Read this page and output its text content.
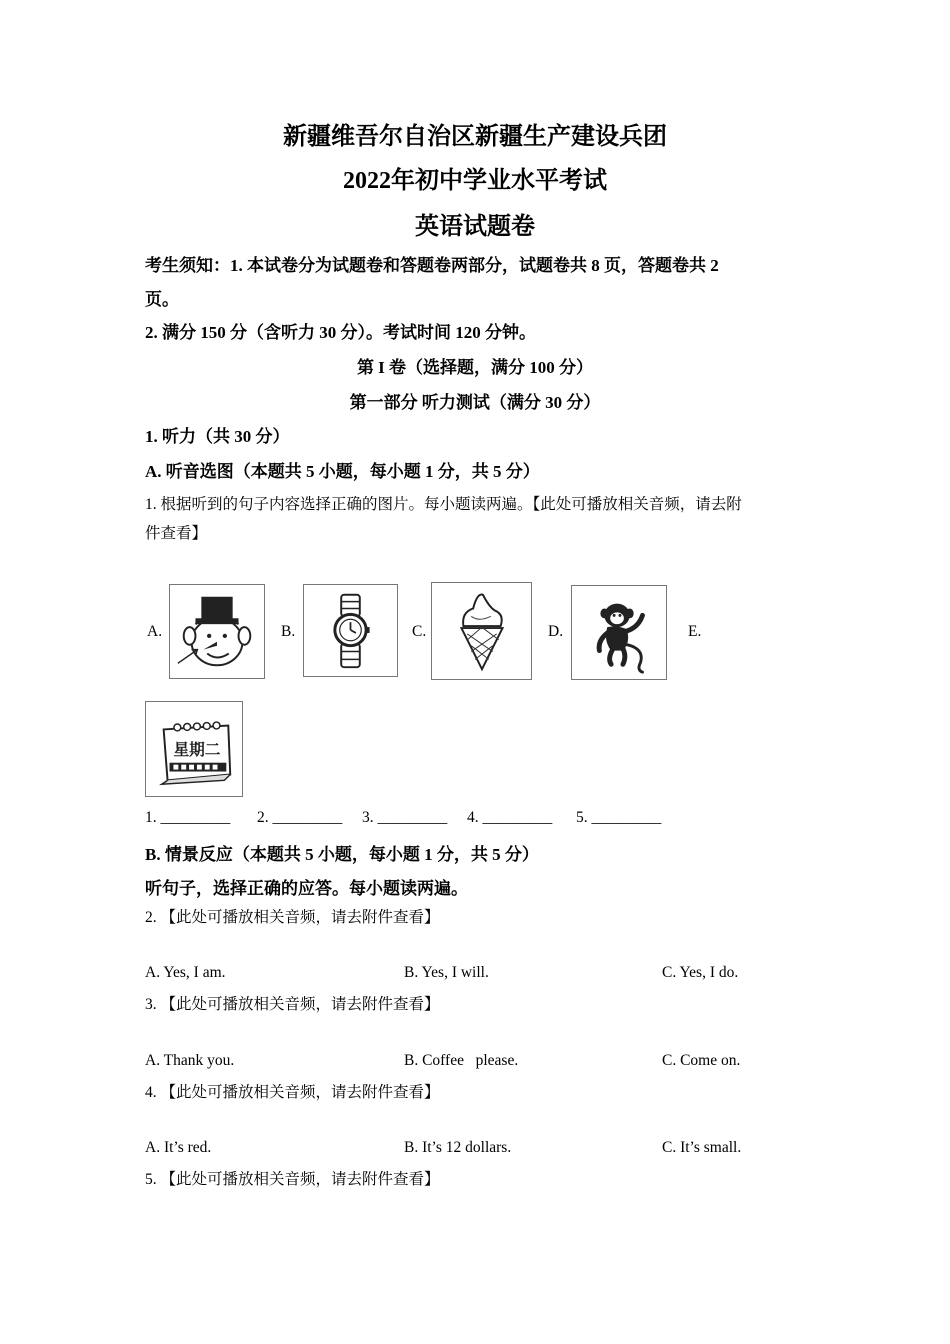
新疆维吾尔自治区新疆生产建设兵团
2022年初中学业水平考试
英语试题卷
考生须知：1. 本试卷分为试题卷和答题卷两部分，试题卷共 8 页，答题卷共 2
页。
2. 满分 150 分（含听力 30 分）。考试时间 120 分钟。
第 I 卷（选择题，满分 100 分）
第一部分 听力测试（满分 30 分）
1. 听力（共 30 分）
A. 听音选图（本题共 5 小题，每小题 1 分，共 5 分）
1. 根据听到的句子内容选择正确的图片。每小题读两遍。【此处可播放相关音频，请去附
件查看】
A.	B.	C.	D.	E.
星期二
1. _________ 2. _________ 3. _________ 4. _________ 5. _________
B. 情景反应（本题共 5 小题，每小题 1 分，共 5 分）
听句子，选择正确的应答。每小题读两遍。
2. 【此处可播放相关音频，请去附件查看】
A. Yes, I am.	B. Yes, I will.	C. Yes, I do.
3. 【此处可播放相关音频，请去附件查看】
A. Thank you.	B. Coffee   please.	C. Come on.
4. 【此处可播放相关音频，请去附件查看】
A. It’s red.	B. It’s 12 dollars.	C. It’s small.
5. 【此处可播放相关音频，请去附件查看】
